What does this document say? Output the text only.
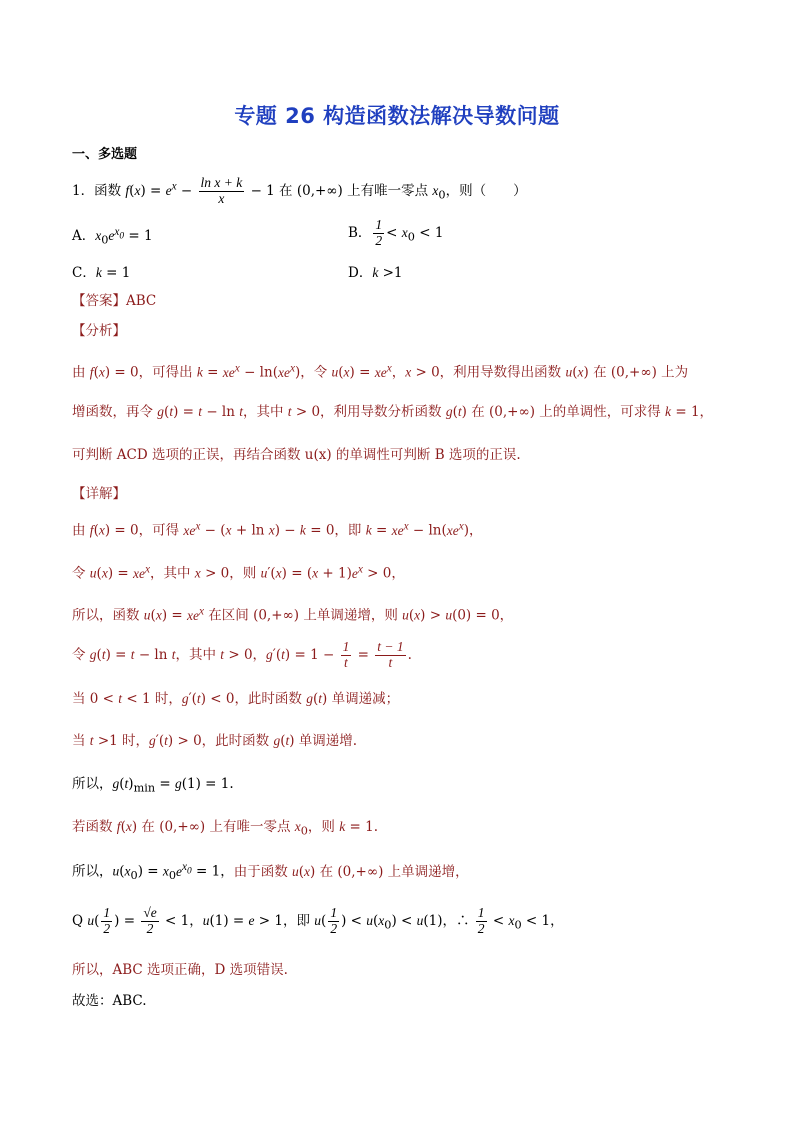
专题 26 构造函数法解决导数问题
一、多选题
1．函数 $f(x) = e^x - \frac{\text{ln x + k}}{x} - 1$ 在 (0,+∞) 上有唯一零点 $x_0$，则（　　）
A．$x_0e^{x_0} = 1$	B． $\frac{1}{2} < x_0 < 1$
C．k = 1	D．k >1
【答案】ABC
【分析】
由 f(x) = 0，可得出 $k = xe^x - \ln(xe^x)$，令 $u(x) = xe^x$，x > 0，利用导数得出函数 u(x) 在 (0,+∞) 上为
增函数，再令 g(t) = t − ln t，其中 t > 0，利用导数分析函数 g(t) 在 (0,+∞) 上的单调性，可求得 k = 1，
可判断 ACD 选项的正误，再结合函数 u(x) 的单调性可判断 B 选项的正误.
【详解】
由 f(x) = 0，可得 $xe^x - (x + \ln x) - k = 0$，即 $k = xe^x - \ln(xe^x)$，
令 $u(x) = xe^x$，其中 x > 0，则 $u'(x) = (x + 1)e^x > 0$，
所以，函数 $u(x) = xe^x$ 在区间 (0,+∞) 上单调递增，则 u(x) > u(0) = 0，
令 g(t) = t − ln t，其中 t > 0，$g'(t) = 1 - \frac{1}{t} = \frac{t - 1}{t}$ .
当 0 < t < 1 时，g′(t) < 0，此时函数 g(t) 单调递减；
当 t >1 时，g′(t) > 0，此时函数 g(t) 单调递增.
所以，$g(t)_{min} = g(1) = 1$.
若函数 f(x) 在 (0,+∞) 上有唯一零点 $x_0$，则 k = 1.
所以，$u(x_0) = x_0e^{x_0} = 1$，由于函数 u(x) 在 (0,+∞) 上单调递增，
Q $u( \frac{1}{2}$ ) = $\frac{√e}{2} < 1$，u(1) = e > 1，即 $u( \frac{1}{2}$ ) < $u(x_0) < u(1)$，∴ $\frac{1}{2} < x_0 < 1$，
所以，ABC 选项正确，D 选项错误.
故选：ABC.
